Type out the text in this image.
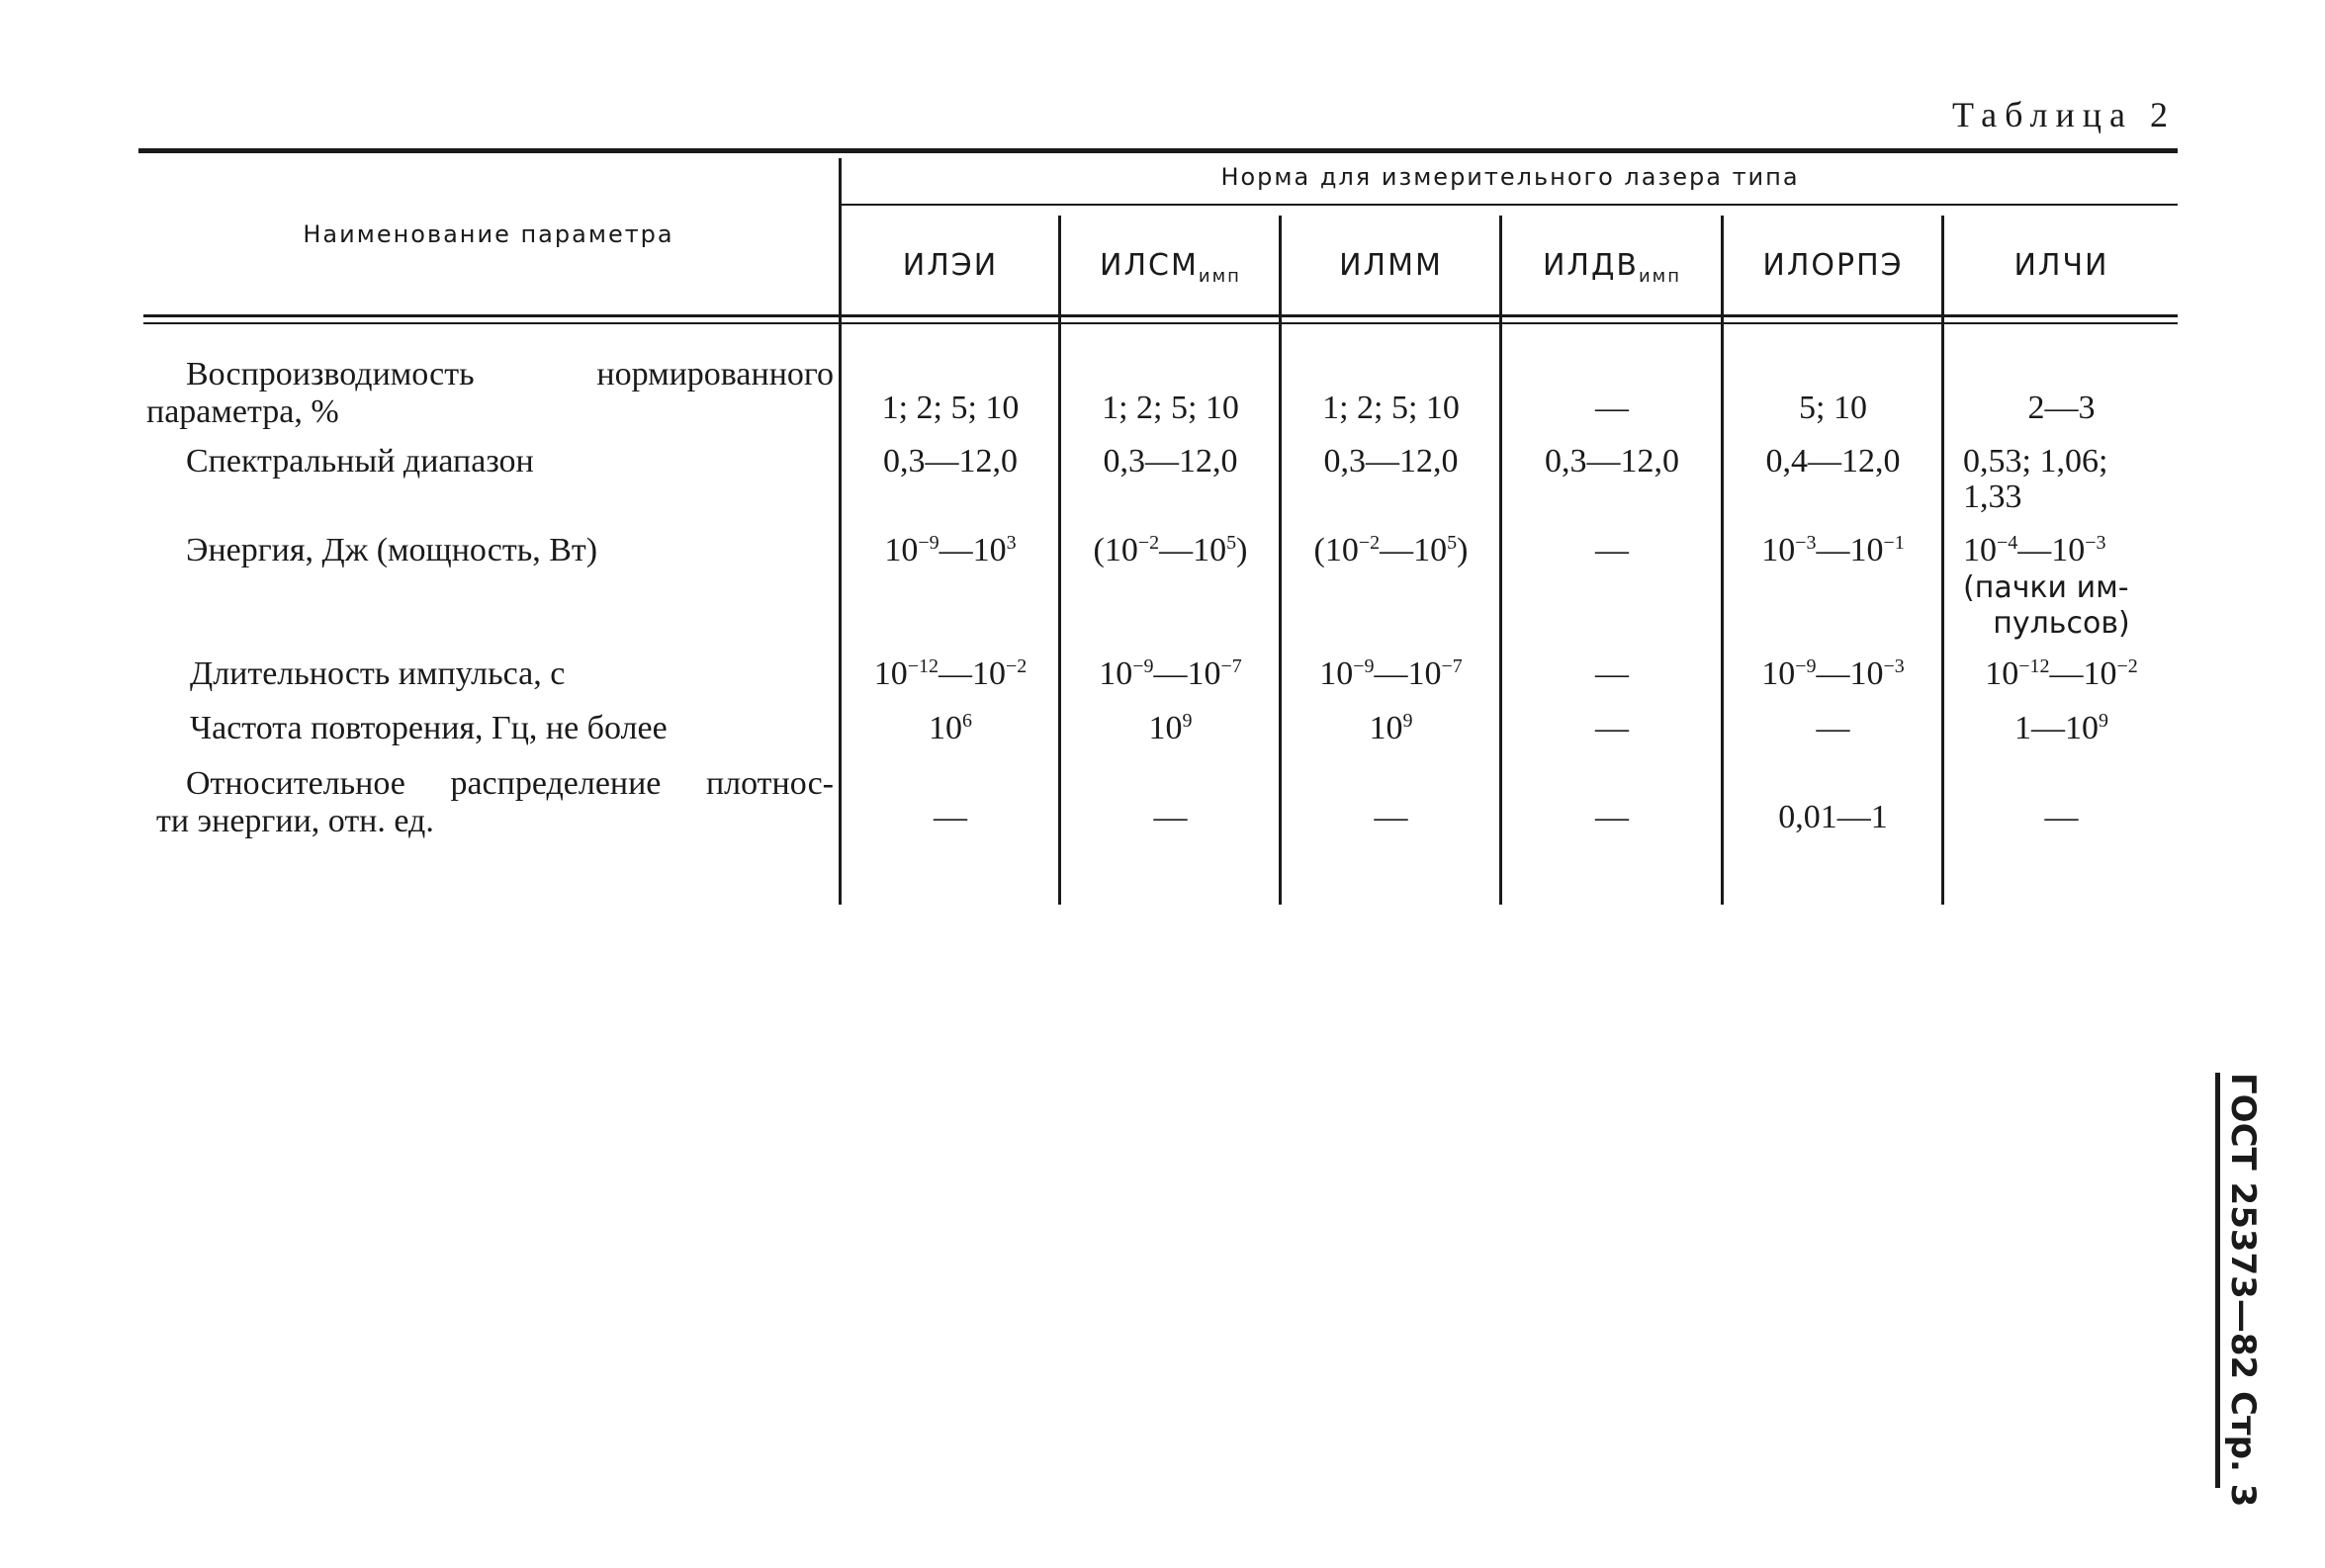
Таблица 2
Наименование параметра
Норма для измерительного лазера типа
ИЛЭИ	$ИЛСМ_{имп}$	ИЛММ	$ИЛДВ_{имп}$	ИЛОРПЭ	ИЛЧИ
Воспроизводимость нормированного
параметра, %	1; 2; 5; 10	1; 2; 5; 10	1; 2; 5; 10	—	5; 10	2—3
Спектральный диапазон	0,3—12,0	0,3—12,0	0,3—12,0	0,3—12,0	0,4—12,0	0,53; 1,06;
1,33
Энергия, Дж (мощность, Вт)	$10^{-9}—10^3$	$(10^{-2}—10^5)$	$(10^{-2}—10^5)$	—	$10^{-3}—10^{-1}$	$10^{-4}—10^{-3}$
(пачки им-
пульсов)
Длительность импульса, с	$10^{-12}—10^{-2}$	$10^{-9}—10^{-7}$	$10^{-9}—10^{-7}$	—	$10^{-9}—10^{-3}$	$10^{-12}—10^{-2}$
Частота повторения, Гц, не более	$10^6$	$10^9$	$10^9$	—	—	$1—10^9$
Относительное распределение плотнос-
ти энергии, отн. ед.	—	—	—	—	0,01—1	—
ГОСТ 25373—82 Стр. 3
